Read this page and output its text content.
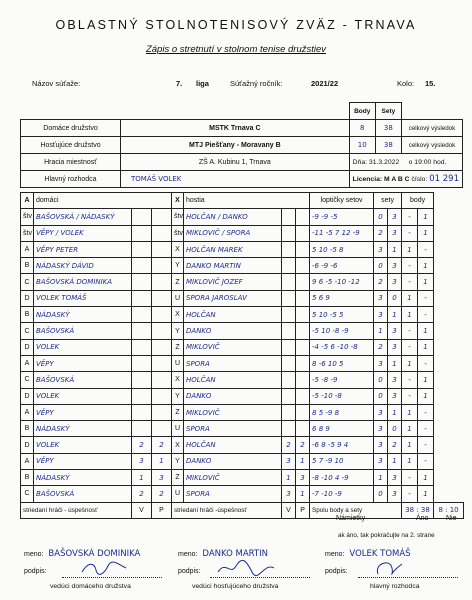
OBLASTNÝ STOLNOTENISOVÝ ZVÄZ - TRNAVA
Zápis o stretnutí v stolnom tenise družstiev
Názov súťaže:	7. liga	Súťažný ročník:	2021/22	Kolo: 15.
		Body	Sety	
Domáce družstvo	MSTK Trnava C	8	38	celkový výsledok
Hosťujúce družstvo	MTJ Piešťany - Moravany B	10	38	celkový výsledok
Hracia miestnosť	ZŠ A. Kubinu 1, Trnava	Dňa: 31.3.2022 o 19:00 hod.		
Hlavný rozhodca	TOMÁŠ VOLEK	Licencia: M A B C číslo: 01 291		
A	domáci			X	hostia			loptičky setov	sety		body		
štv	BAŠOVSKÁ / NÁDASKÝ			štv	HOLČAN / DANKO			-9 -9 -5	0	3	-	1	
štv	VĚPY / VOLEK			štv	MIKLOVIČ / SPORA			-11 -5 7 12 -9	2	3	-	1	
A	VĚPY PETER			X	HOLČAN MAREK			5 10 -5 8	3	1	1	-	
B	NÁDASKÝ DÁVID			Y	DANKO MARTIN			-6 -9 -6	0	3	-	1	
C	BAŠOVSKÁ DOMINIKA			Z	MIKLOVIČ JOZEF			9 6 -5 -10 -12	2	3	-	1	
D	VOLEK TOMÁŠ			U	SPORA JAROSLAV			5 6 9	3	0	1	-	
B	NÁDASKÝ			X	HOLČAN			5 10 -5 5	3	1	1	-	
C	BAŠOVSKÁ			Y	DANKO			-5 10 -8 -9	1	3	-	1	
D	VOLEK			Z	MIKLOVIČ			-4 -5 6 -10 -8	2	3	-	1	
A	VĚPY			U	SPORA			8 -6 10 5	3	1	1	-	
C	BAŠOVSKÁ			X	HOLČAN			-5 -8 -9	0	3	-	1	
D	VOLEK			Y	DANKO			-5 -10 -8	0	3	-	1	
A	VĚPY			Z	MIKLOVIČ			8 5 -9 8	3	1	1	-	
B	NÁDASKÝ			U	SPORA			6 8 9	3	0	1	-	
D	VOLEK	2	2	X	HOLČAN	2	2	-6 8 -5 9 4	3	2	1	-	
A	VĚPY	3	1	Y	DANKO	3	1	5 7 -9 10	3	1	1	-	
B	NÁDASKÝ	1	3	Z	MIKLOVIČ	1	3	-8 -10 4 -9	1	3	-	1	
C	BAŠOVSKÁ	2	2	U	SPORA	3	1	-7 -10 -9	0	3	-	1	
striedaní hráči - úspešnosť		V	P	striedaní hráči -úspešnosť		V	P	Spolu body a sety			38 : 38		8 : 10
Námietky	Áno	Nie
ak áno, tak pokračujte na 2. strane
meno: BAŠOVSKÁ DOMINIKA	meno: DANKO MARTIN	meno: VOLEK TOMÁŠ
podpis:	podpis:	podpis:
vedúci domáceho družstva	vedúci hosťujúceho družstva	hlavný rozhodca
